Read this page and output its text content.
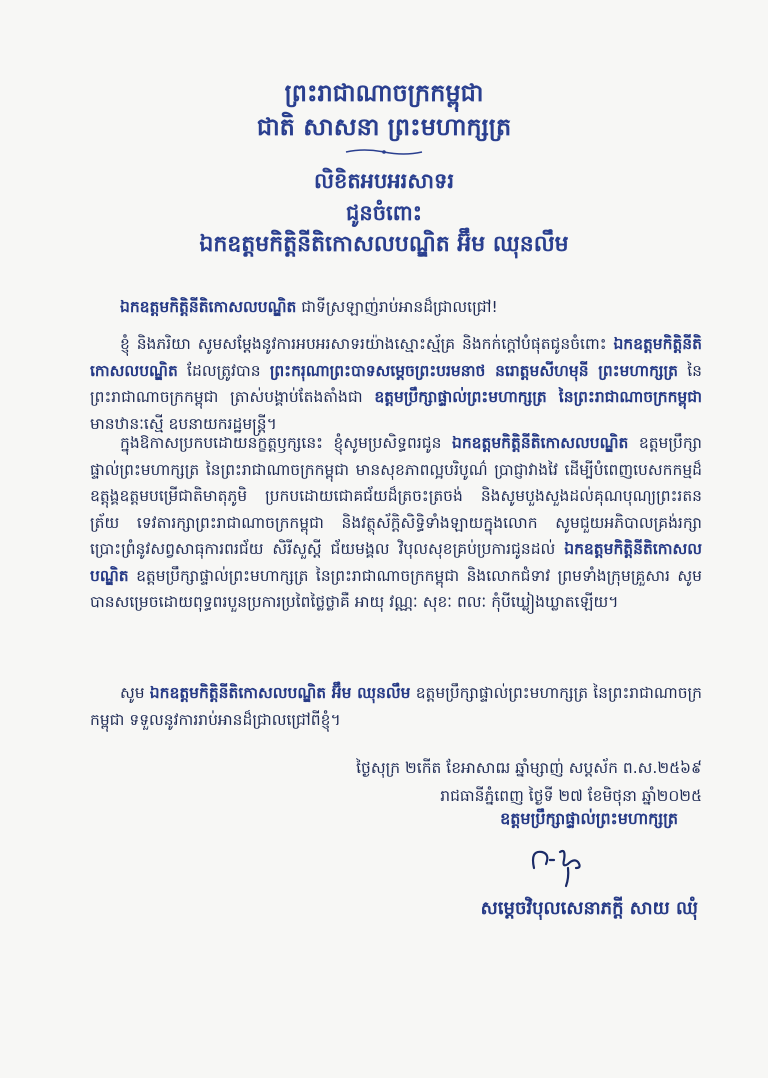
ព្រះរាជាណាចក្រកម្ពុជា
ជាតិ សាសនា ព្រះមហាក្សត្រ
លិខិតអបអរសាទរ
ជូនចំពោះ
ឯកឧត្តមកិត្តិនីតិកោសលបណ្ឌិត អ៊ឹម ឈុនលឹម

ឯកឧត្តមកិត្តិនីតិកោសលបណ្ឌិត ជាទីស្រឡាញ់រាប់អានដ៏ជ្រាលជ្រៅ!

ខ្ញុំ និងភរិយា សូមសម្តែងនូវការអបអរសាទរយ៉ាងស្មោះស្ម័គ្រ និងកក់ក្តៅបំផុតជូនចំពោះ ឯកឧត្តមកិត្តិនីតិកោសលបណ្ឌិត ដែលត្រូវបាន ព្រះករុណាព្រះបាទសម្តេចព្រះបរមនាថ នរោត្តមសីហមុនី ព្រះមហាក្សត្រ នៃព្រះរាជាណាចក្រកម្ពុជា ត្រាស់បង្គាប់តែងតាំងជា ឧត្តមប្រឹក្សាផ្ទាល់ព្រះមហាក្សត្រ នៃព្រះរាជាណាចក្រកម្ពុជា មានឋានៈស្មើ ឧបនាយករដ្ឋមន្ត្រី។

ក្នុងឱកាសប្រកបដោយនក្ខត្តឫក្សនេះ ខ្ញុំសូមប្រសិទ្ធពរជូន ឯកឧត្តមកិត្តិនីតិកោសលបណ្ឌិត ឧត្តមប្រឹក្សាផ្ទាល់ព្រះមហាក្សត្រ នៃព្រះរាជាណាចក្រកម្ពុជា មានសុខភាពល្អបរិបូណ៌ ប្រាជ្ញាវាងវៃ ដើម្បីបំពេញបេសកកម្មដ៏ឧត្តុង្គឧត្តមបម្រើជាតិមាតុភូមិ ប្រកបដោយជោគជ័យដ៏ត្រចះត្រចង់ និងសូមបួងសួងដល់គុណបុណ្យព្រះរតនត្រ័យ ទេវតារក្សាព្រះរាជាណាចក្រកម្ពុជា និងវត្ថុស័ក្តិសិទ្ធិទាំងឡាយក្នុងលោក សូមជួយអភិបាលគ្រង់រក្សាប្រោះព្រំនូវសព្វសាធុការពរជ័យ សិរីសួស្តី ជ័យមង្គល វិបុលសុខគ្រប់ប្រការជូនដល់ ឯកឧត្តមកិត្តិនីតិកោសលបណ្ឌិត ឧត្តមប្រឹក្សាផ្ទាល់ព្រះមហាក្សត្រ នៃព្រះរាជាណាចក្រកម្ពុជា និងលោកជំទាវ ព្រមទាំងក្រុមគ្រួសារ សូមបានសម្រេចដោយពុទ្ធពរបួនប្រការប្រពៃថ្លៃថ្លាគឺ អាយុ វណ្ណៈ សុខៈ ពលៈ កុំបីឃ្លៀងឃ្លាតឡើយ។

សូម ឯកឧត្តមកិត្តិនីតិកោសលបណ្ឌិត អ៊ឹម ឈុនលឹម ឧត្តមប្រឹក្សាផ្ទាល់ព្រះមហាក្សត្រ នៃព្រះរាជាណាចក្រកម្ពុជា ទទួលនូវការរាប់អានដ៏ជ្រាលជ្រៅពីខ្ញុំ។

ថ្ងៃសុក្រ ២កើត ខែអាសាឍ ឆ្នាំម្សាញ់ សប្តស័ក ព.ស.២៥៦៩
រាជធានីភ្នំពេញ ថ្ងៃទី ២៧ ខែមិថុនា ឆ្នាំ២០២៥
ឧត្តមប្រឹក្សាផ្ទាល់ព្រះមហាក្សត្រ
សម្តេចវិបុលសេនាភក្តី សាយ ឈុំ
